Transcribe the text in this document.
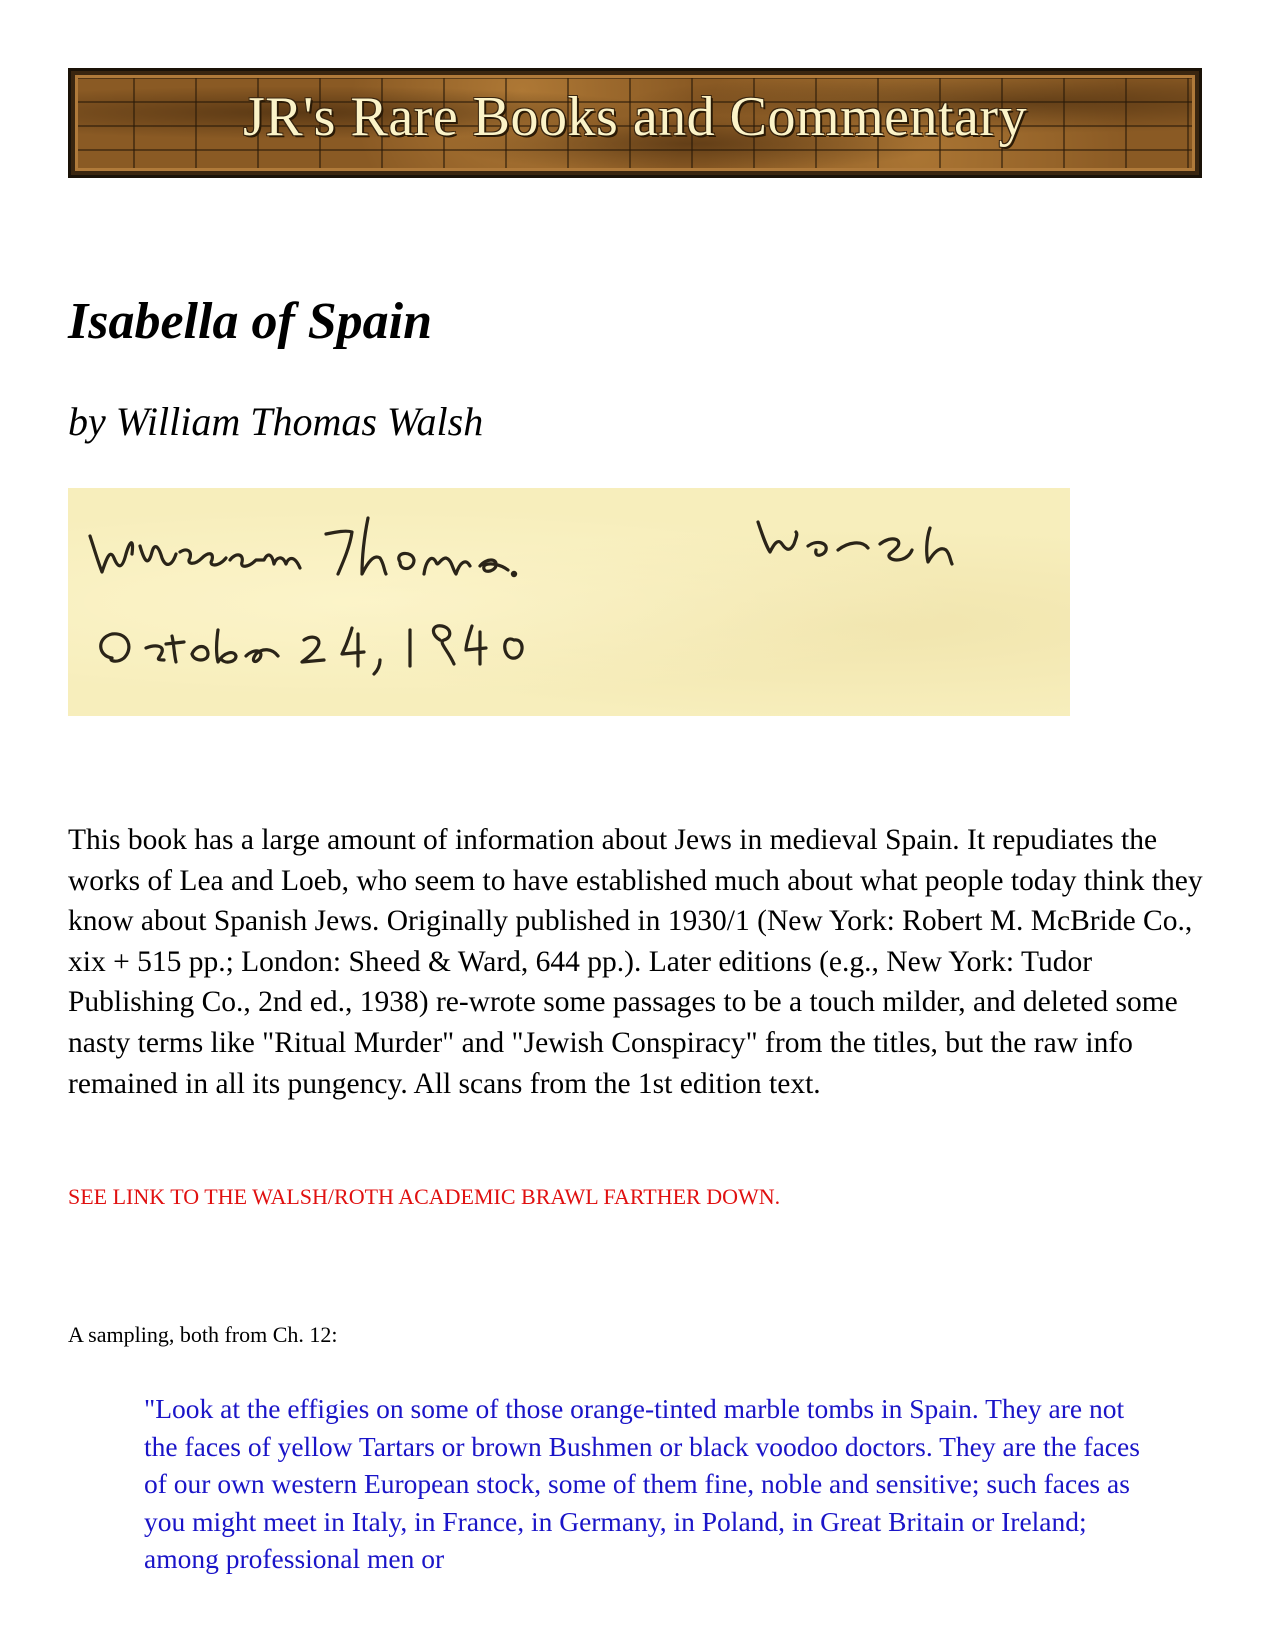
JR's Rare Books and Commentary
Isabella of Spain

by William Thomas Walsh

This book has a large amount of information about Jews in medieval Spain. It repudiates the works of Lea and Loeb, who seem to have established much about what people today think they know about Spanish Jews. Originally published in 1930/1 (New York: Robert M. McBride Co., xix + 515 pp.; London: Sheed & Ward, 644 pp.). Later editions (e.g., New York: Tudor Publishing Co., 2nd ed., 1938) re-wrote some passages to be a touch milder, and deleted some nasty terms like "Ritual Murder" and "Jewish Conspiracy" from the titles, but the raw info remained in all its pungency. All scans from the 1st edition text.

SEE LINK TO THE WALSH/ROTH ACADEMIC BRAWL FARTHER DOWN.

A sampling, both from Ch. 12:

"Look at the effigies on some of those orange-tinted marble tombs in Spain. They are not the faces of yellow Tartars or brown Bushmen or black voodoo doctors. They are the faces of our own western European stock, some of them fine, noble and sensitive; such faces as you might meet in Italy, in France, in Germany, in Poland, in Great Britain or Ireland; among professional men or
